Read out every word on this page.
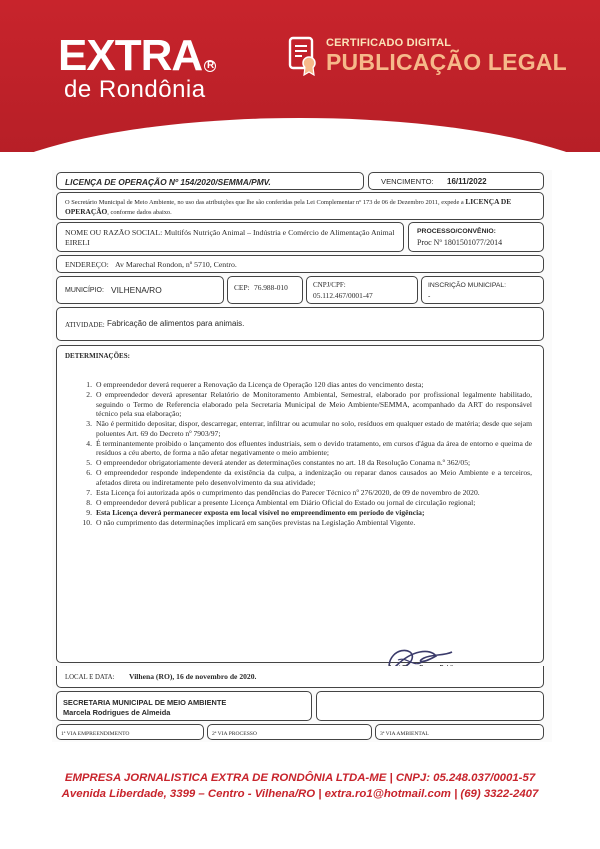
EXTRA R
de Rondônia
CERTIFICADO DIGITAL
PUBLICAÇÃO LEGAL
LICENÇA DE OPERAÇÃO Nº 154/2020/SEMMA/PMV.	VENCIMENTO: 16/11/2022
O Secretário Municipal de Meio Ambiente, no uso das atribuições que lhe são conferidas pela Lei Complementar nº 173 de 06 de Dezembro 2011, expede a LICENÇA DE OPERAÇÃO, conforme dados abaixo.
NOME OU RAZÃO SOCIAL: Multifós Nutrição Animal – Indústria e Comércio de Alimentação Animal EIRELI
PROCESSO/CONVÊNIO:
Proc Nº 1801501077/2014
ENDEREÇO: Av Marechal Rondon, nº 5710, Centro.
MUNICÍPIO: VILHENA/RO	CEP: 76.988-010	CNPJ/CPF:
05.112.467/0001-47
INSCRIÇÃO MUNICIPAL:
-
ATIVIDADE: Fabricação de alimentos para animais.
DETERMINAÇÕES:
1. O empreendedor deverá requerer a Renovação da Licença de Operação 120 dias antes do vencimento desta;
2. O empreendedor deverá apresentar Relatório de Monitoramento Ambiental, Semestral, elaborado por profissional legalmente habilitado, seguindo o Termo de Referencia elaborado pela Secretaria Municipal de Meio Ambiente/SEMMA, acompanhado da ART do responsável técnico pela sua elaboração;
3. Não é permitido depositar, dispor, descarregar, enterrar, infiltrar ou acumular no solo, resíduos em qualquer estado de matéria; desde que sejam poluentes Art. 69 do Decreto nº 7903/97;
4. É terminantemente proibido o lançamento dos efluentes industriais, sem o devido tratamento, em cursos d'água da área de entorno e queima de resíduos a céu aberto, de forma a não afetar negativamente o meio ambiente;
5. O empreendedor obrigatoriamente deverá atender as determinações constantes no art. 18 da Resolução Conama n.º 362/05;
6. O empreendedor responde independente da existência da culpa, a indenização ou reparar danos causados ao Meio Ambiente e a terceiros, afetados direta ou indiretamente pelo desenvolvimento da sua atividade;
7. Esta Licença foi autorizada após o cumprimento das pendências do Parecer Técnico nº 276/2020, de 09 de novembro de 2020.
8. O empreendedor deverá publicar a presente Licença Ambiental em Diário Oficial do Estado ou jornal de circulação regional;
9. Esta Licença deverá permanecer exposta em local visível no empreendimento em período de vigência;
10. O não cumprimento das determinações implicará em sanções previstas na Legislação Ambiental Vigente.
LOCAL E DATA: Vilhena (RO), 16 de novembro de 2020.
SECRETARIA MUNICIPAL DE MEIO AMBIENTE
Marcela Rodrigues de Almeida
1ª VIA EMPREENDIMENTO	2ª VIA PROCESSO	3ª VIA AMBIENTAL
EMPRESA JORNALISTICA EXTRA DE RONDÔNIA LTDA-ME | CNPJ: 05.248.037/0001-57
Avenida Liberdade, 3399 – Centro - Vilhena/RO | extra.ro1@hotmail.com | (69) 3322-2407
